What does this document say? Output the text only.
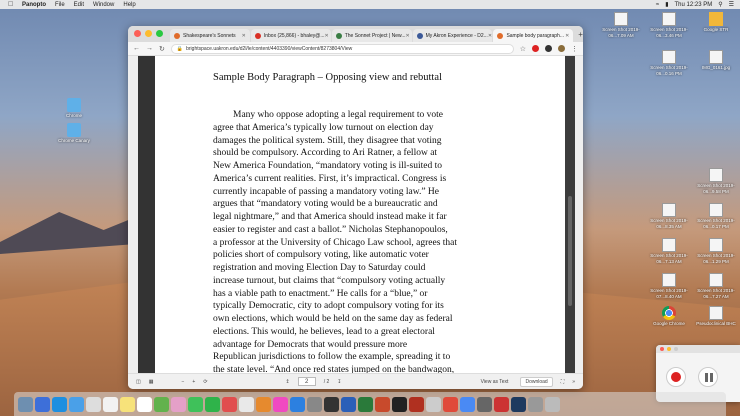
Panopto File Edit Window Help	≈ ▮ Thu 12:23 PM ⚲ ☰
Chrome
Chrome Canary
Screen Shot 2019-06...7.09 AM
Screen Shot 2019-06...3.46 PM
Google STR
Screen Shot 2019-06...0.16 PM
IMG_0161.jpg
Screen Shot 2019-06...9.58 PM
Screen Shot 2019-06...8.35 AM
Screen Shot 2019-06...0.17 PM
Screen Shot 2019-06...7.13 AM
Screen Shot 2019-06...1.29 PM
Screen Shot 2019-07...8.40 AM
Screen Shot 2019-06...7.27 AM
Google Chrome	Pseudoclinical BHC
Shakespeare's Sonnets ✕	Inbox (25,866) - bhaley@... ✕	The Sonnet Project | New... ✕	My Akron Experience - D2... ✕	Sample body paragraph... ✕ +
← → ↻ 🔒 brightspace.uakron.edu/d2l/le/content/4403390/viewContent/8273804/View	☆	⋮
Sample Body Paragraph – Opposing view and rebuttal
Many who oppose adopting a legal requirement to vote
agree that America’s typically low turnout on election day
damages the political system. Still, they disagree that voting
should be compulsory. According to Ari Ratner, a fellow at
New America Foundation, “mandatory voting is ill-suited to
America’s current realities. First, it’s impractical. Congress is
currently incapable of passing a mandatory voting law.” He
argues that “mandatory voting would be a bureaucratic and
legal nightmare,” and that America should instead make it far
easier to register and cast a ballot.” Nicholas Stephanopoulos,
a professor at the University of Chicago Law school, agrees that
policies short of compulsory voting, like automatic voter
registration and moving Election Day to Saturday could
increase turnout, but claims that “compulsory voting actually
has a viable path to enactment.” He calls for a “blue,” or
typically Democratic, city to adopt compulsory voting for its
own elections, which would be held on the same day as federal
elections. This would, he believes, lead to a great electoral
advantage for Democrats that would pressure more
Republican jurisdictions to follow the example, spreading it to
the state level. “And once red states jumped on the bandwagon,
◫ ▦	− + ⟳	↥	2	/ 2 ↧	View as Text	Download	⛶ »
